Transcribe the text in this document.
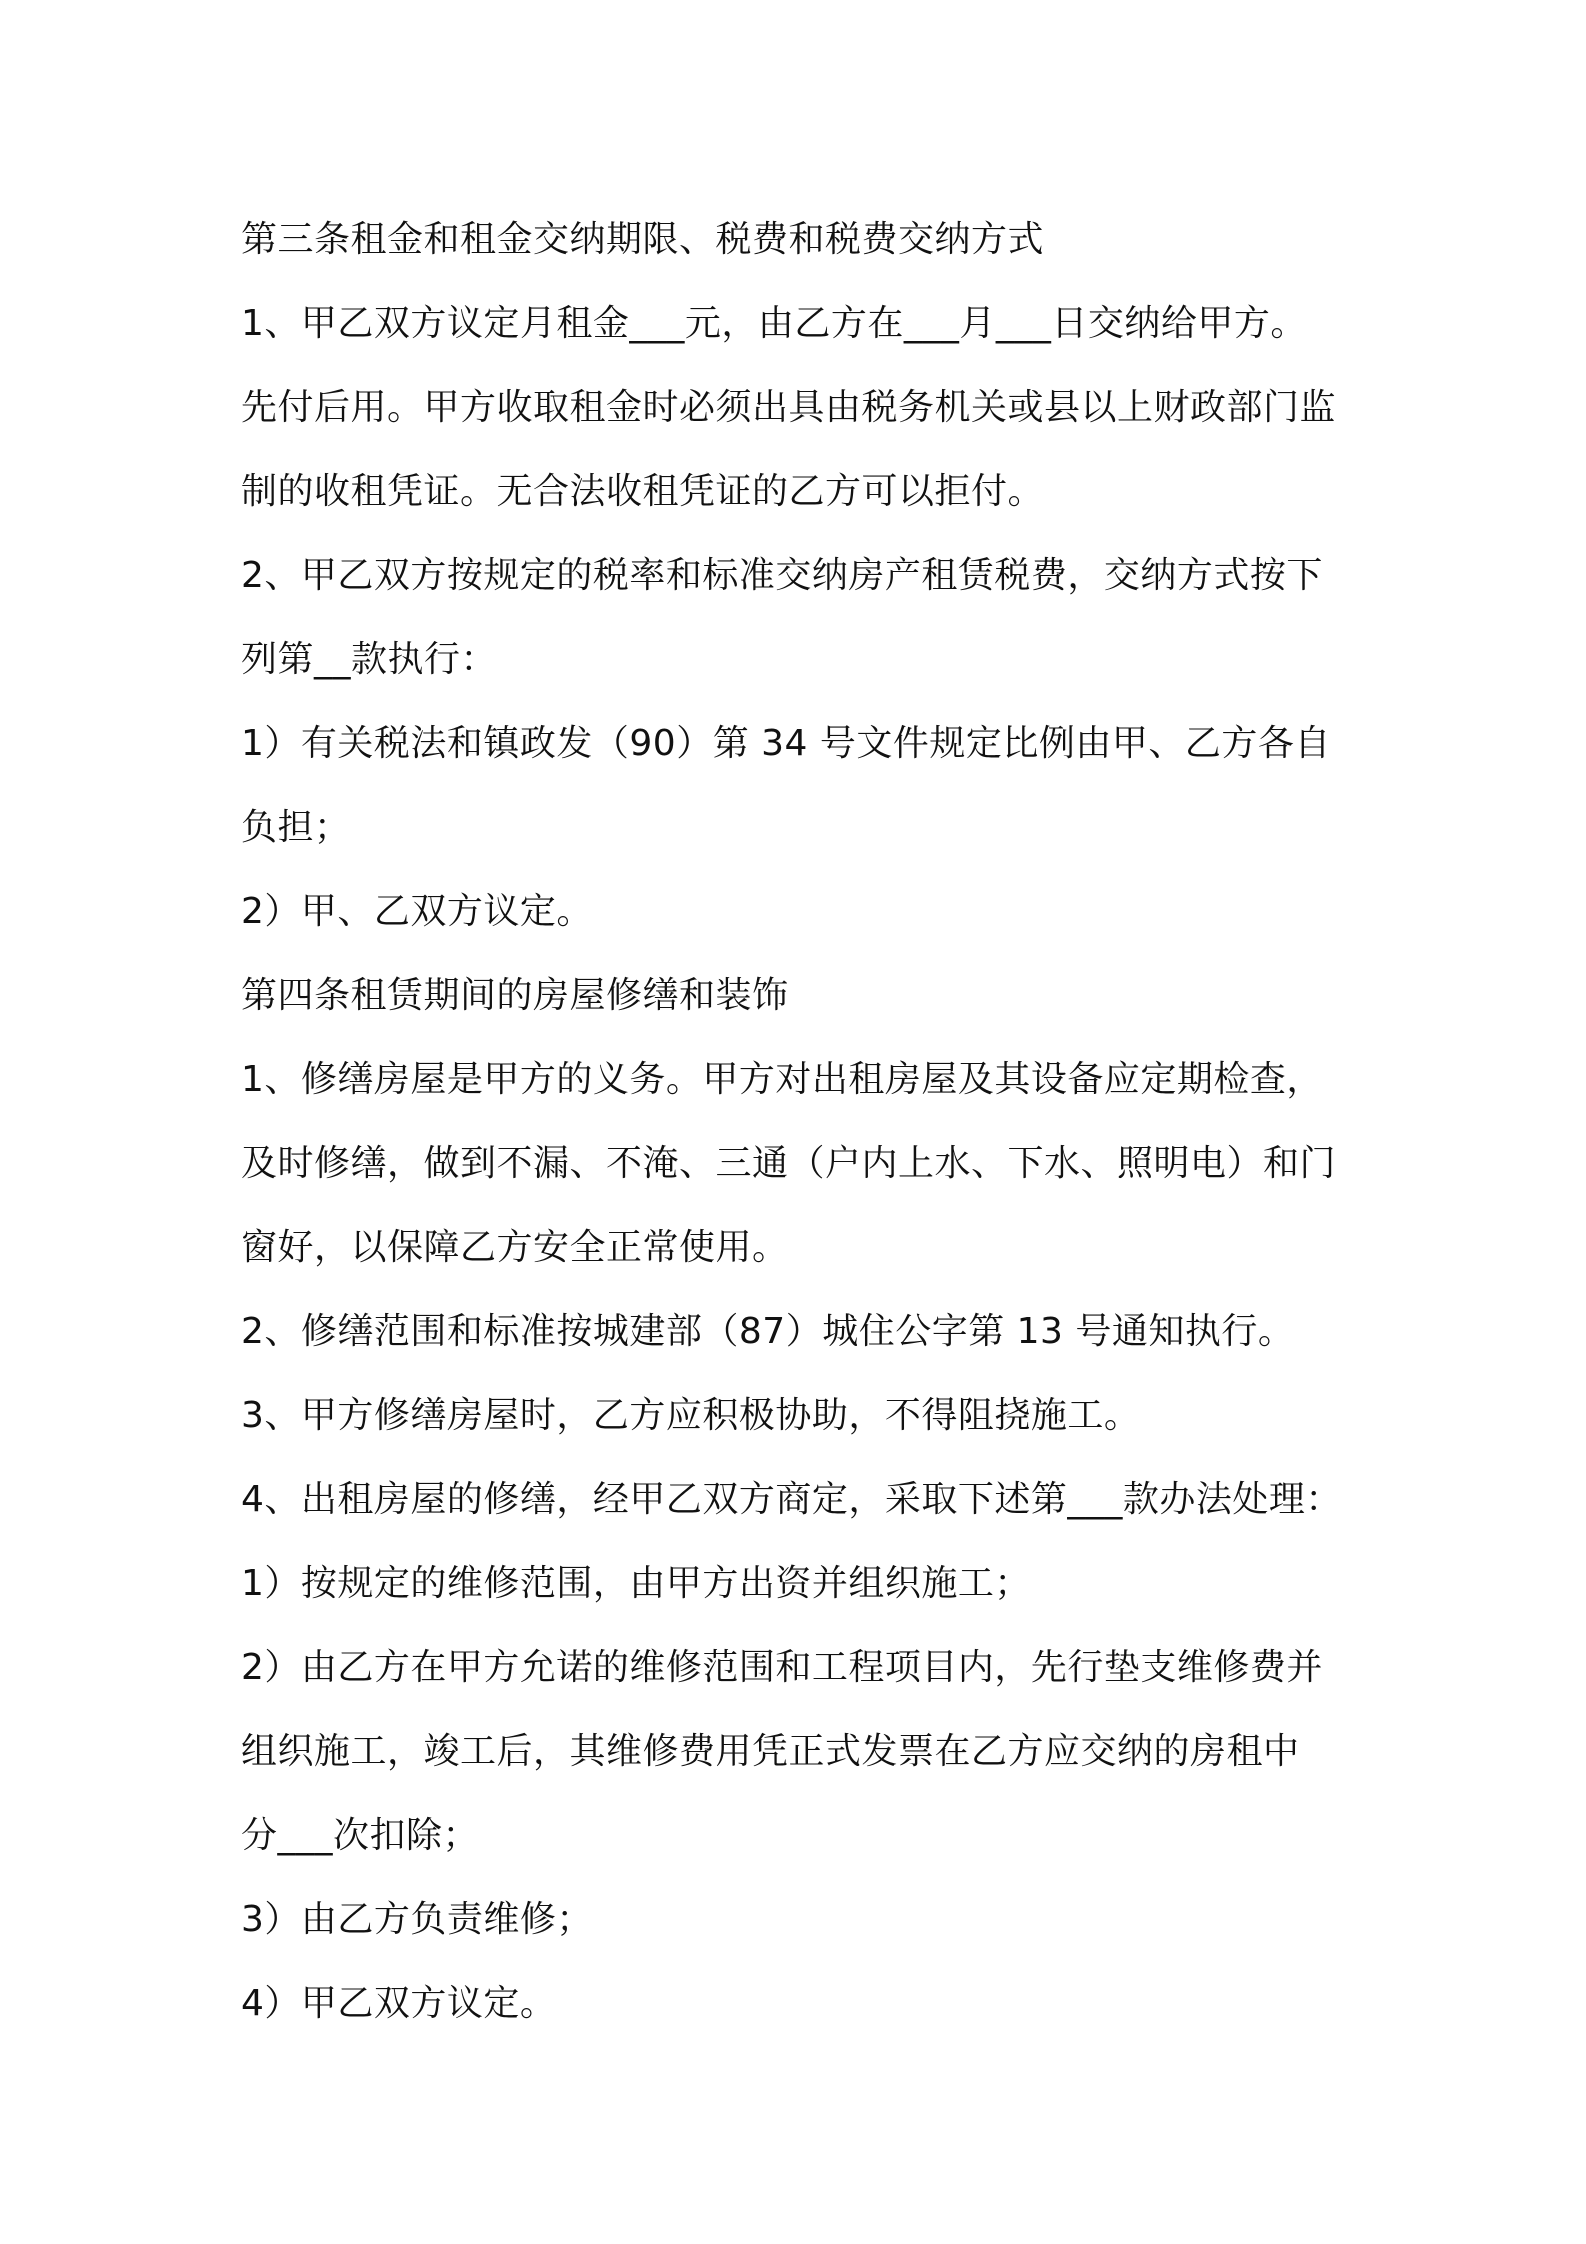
第三条租金和租金交纳期限、税费和税费交纳方式
1、甲乙双方议定月租金___元，由乙方在___月___日交纳给甲方。
先付后用。甲方收取租金时必须出具由税务机关或县以上财政部门监
制的收租凭证。无合法收租凭证的乙方可以拒付。
2、甲乙双方按规定的税率和标准交纳房产租赁税费，交纳方式按下
列第__款执行：
1）有关税法和镇政发（90）第 34 号文件规定比例由甲、乙方各自
负担；
2）甲、乙双方议定。
第四条租赁期间的房屋修缮和装饰
1、修缮房屋是甲方的义务。甲方对出租房屋及其设备应定期检查，
及时修缮，做到不漏、不淹、三通（户内上水、下水、照明电）和门
窗好，以保障乙方安全正常使用。
2、修缮范围和标准按城建部（87）城住公字第 13 号通知执行。
3、甲方修缮房屋时，乙方应积极协助，不得阻挠施工。
4、出租房屋的修缮，经甲乙双方商定，采取下述第___款办法处理：
1）按规定的维修范围，由甲方出资并组织施工；
2）由乙方在甲方允诺的维修范围和工程项目内，先行垫支维修费并
组织施工，竣工后，其维修费用凭正式发票在乙方应交纳的房租中
分___次扣除；
3）由乙方负责维修；
4）甲乙双方议定。
